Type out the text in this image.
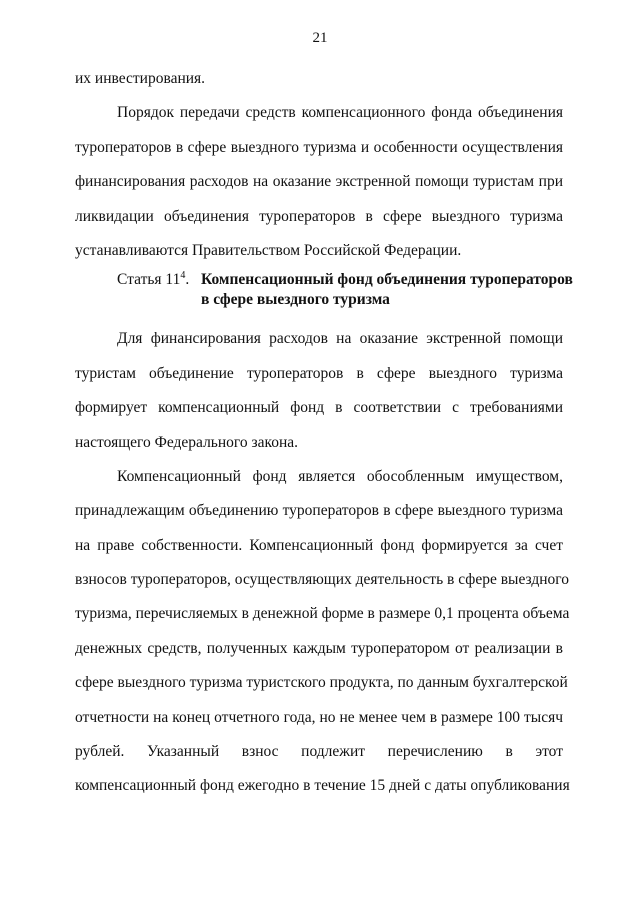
21
их инвестирования.
Порядок передачи средств компенсационного фонда объединения
туроператоров в сфере выездного туризма и особенности осуществления
финансирования расходов на оказание экстренной помощи туристам при
ликвидации объединения туроператоров в сфере выездного туризма
устанавливаются Правительством Российской Федерации.
Статья $11^4$. Компенсационный фонд объединения туроператоров
в сфере выездного туризма
Для финансирования расходов на оказание экстренной помощи
туристам объединение туроператоров в сфере выездного туризма
формирует компенсационный фонд в соответствии с требованиями
настоящего Федерального закона.
Компенсационный фонд является обособленным имуществом,
принадлежащим объединению туроператоров в сфере выездного туризма
на праве собственности. Компенсационный фонд формируется за счет
взносов туроператоров, осуществляющих деятельность в сфере выездного
туризма, перечисляемых в денежной форме в размере 0,1 процента объема
денежных средств, полученных каждым туроператором от реализации в
сфере выездного туризма туристского продукта, по данным бухгалтерской
отчетности на конец отчетного года, но не менее чем в размере 100 тысяч
рублей. Указанный взнос подлежит перечислению в этот
компенсационный фонд ежегодно в течение 15 дней с даты опубликования
